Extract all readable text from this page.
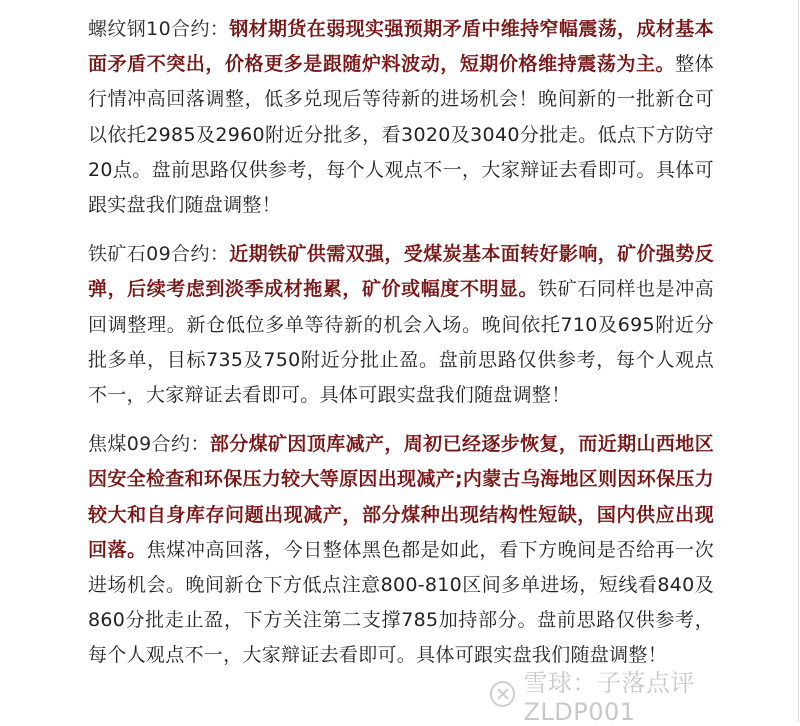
螺纹钢10合约：钢材期货在弱现实强预期矛盾中维持窄幅震荡，成材基本面矛盾不突出，价格更多是跟随炉料波动，短期价格维持震荡为主。整体行情冲高回落调整，低多兑现后等待新的进场机会！晚间新的一批新仓可以依托2985及2960附近分批多，看3020及3040分批走。低点下方防守20点。盘前思路仅供参考，每个人观点不一，大家辩证去看即可。具体可跟实盘我们随盘调整！

铁矿石09合约：近期铁矿供需双强，受煤炭基本面转好影响，矿价强势反弹，后续考虑到淡季成材拖累，矿价或幅度不明显。铁矿石同样也是冲高回调整理。新仓低位多单等待新的机会入场。晚间依托710及695附近分批多单，目标735及750附近分批止盈。盘前思路仅供参考，每个人观点不一，大家辩证去看即可。具体可跟实盘我们随盘调整！

焦煤09合约：部分煤矿因顶库减产，周初已经逐步恢复，而近期山西地区因安全检查和环保压力较大等原因出现减产;内蒙古乌海地区则因环保压力较大和自身库存问题出现减产，部分煤种出现结构性短缺，国内供应出现回落。焦煤冲高回落，今日整体黑色都是如此，看下方晚间是否给再一次进场机会。晚间新仓下方低点注意800-810区间多单进场，短线看840及860分批走止盈，下方关注第二支撑785加持部分。盘前思路仅供参考，每个人观点不一，大家辩证去看即可。具体可跟实盘我们随盘调整！

雪球：子落点评ZLDP001
